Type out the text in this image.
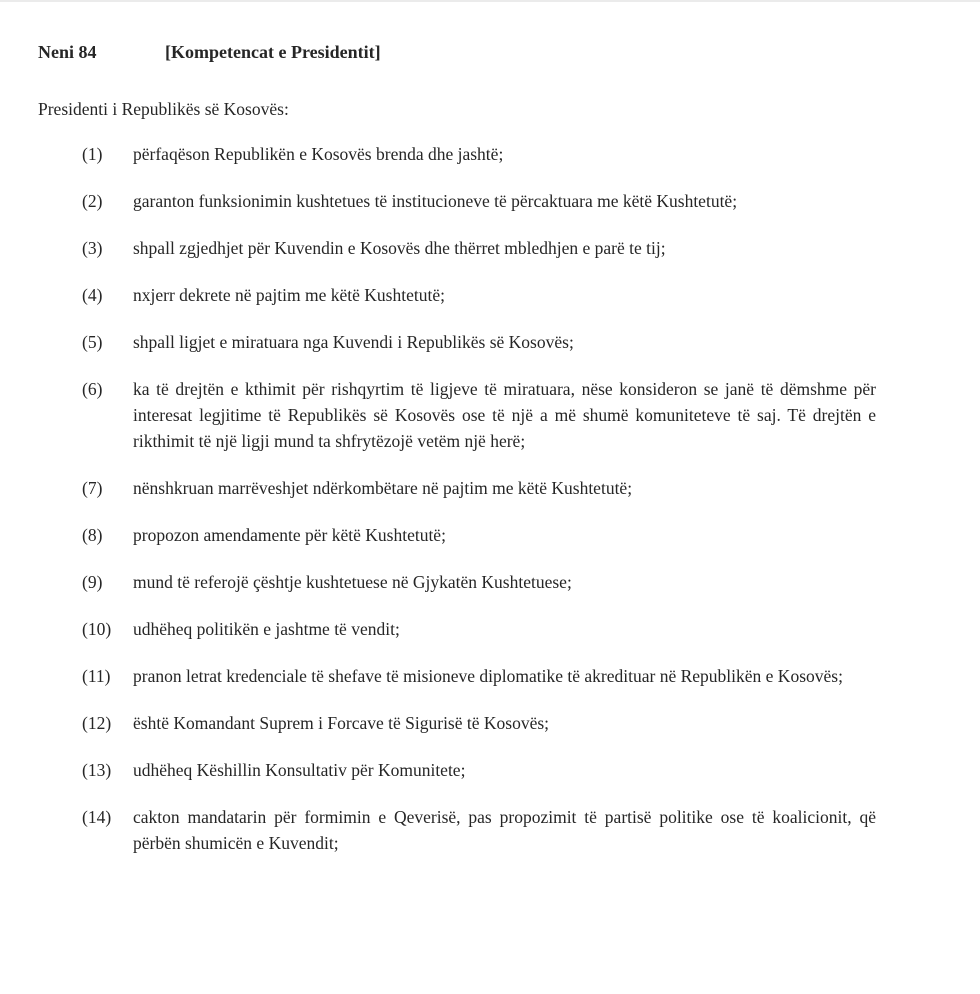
Neni 84	[Kompetencat e Presidentit]
Presidenti i Republikës së Kosovës:
(1)	përfaqëson Republikën e Kosovës brenda dhe jashtë;
(2)	garanton funksionimin kushtetues të institucioneve të përcaktuara me këtë Kushtetutë;
(3)	shpall zgjedhjet për Kuvendin e Kosovës dhe thërret mbledhjen e parë te tij;
(4)	nxjerr dekrete në pajtim me këtë Kushtetutë;
(5)	shpall ligjet e miratuara nga Kuvendi i Republikës së Kosovës;
(6)	ka të drejtën e kthimit për rishqyrtim të ligjeve të miratuara, nëse konsideron se janë të dëmshme për interesat legjitime të Republikës së Kosovës ose të një a më shumë komuniteteve të saj. Të drejtën e rikthimit të një ligji mund ta shfrytëzojë vetëm një herë;
(7)	nënshkruan marrëveshjet ndërkombëtare në pajtim me këtë Kushtetutë;
(8)	propozon amendamente për këtë Kushtetutë;
(9)	mund të referojë çështje kushtetuese në Gjykatën Kushtetuese;
(10)	udhëheq politikën e jashtme të vendit;
(11)	pranon letrat kredenciale të shefave të misioneve diplomatike të akredituar në Republikën e Kosovës;
(12)	është Komandant Suprem i Forcave të Sigurisë të Kosovës;
(13)	udhëheq Këshillin Konsultativ për Komunitete;
(14)	cakton mandatarin për formimin e Qeverisë, pas propozimit të partisë politike ose të koalicionit, që përbën shumicën e Kuvendit;
